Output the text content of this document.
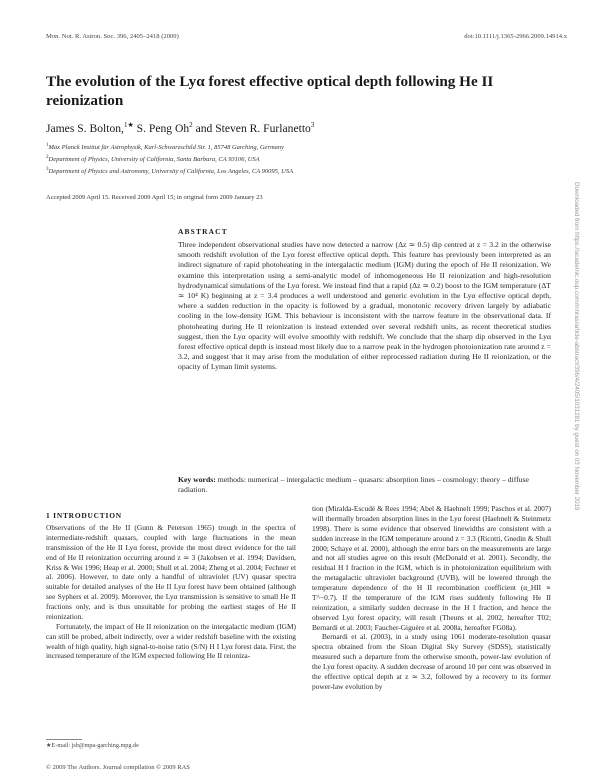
Mon. Not. R. Astron. Soc. 396, 2405–2418 (2009)	doi:10.1111/j.1365-2966.2009.14914.x
The evolution of the Lyα forest effective optical depth following He II reionization
James S. Bolton,$^{1★}$ S. Peng Oh$^2$ and Steven R. Furlanetto$^3$
$^1$Max Planck Institut für Astrophysik, Karl-Schwarzschild Str. 1, 85748 Garching, Germany
$^2$Department of Physics, University of California, Santa Barbara, CA 93106, USA
$^3$Department of Physics and Astronomy, University of California, Los Angeles, CA 90095, USA
Accepted 2009 April 15. Received 2009 April 15; in original form 2009 January 23
ABSTRACT
Three independent observational studies have now detected a narrow (Δz ≃ 0.5) dip centred at z = 3.2 in the otherwise smooth redshift evolution of the Lyα forest effective optical depth. This feature has previously been interpreted as an indirect signature of rapid photoheating in the intergalactic medium (IGM) during the epoch of He II reionization. We examine this interpretation using a semi-analytic model of inhomogeneous He II reionization and high-resolution hydrodynamical simulations of the Lyα forest. We instead find that a rapid (Δz ≃ 0.2) boost to the IGM temperature (ΔT ≃ 10⁴ K) beginning at z = 3.4 produces a well understood and generic evolution in the Lyα effective optical depth, where a sudden reduction in the opacity is followed by a gradual, monotonic recovery driven largely by adiabatic cooling in the low-density IGM. This behaviour is inconsistent with the narrow feature in the observational data. If photoheating during He II reionization is instead extended over several redshift units, as recent theoretical studies suggest, then the Lyα opacity will evolve smoothly with redshift. We conclude that the sharp dip observed in the Lyα forest effective optical depth is instead most likely due to a narrow peak in the hydrogen photoionization rate around z = 3.2, and suggest that it may arise from the modulation of either reprocessed radiation during He II reionization, or the opacity of Lyman limit systems.
Key words: methods: numerical – intergalactic medium – quasars: absorption lines – cosmology: theory – diffuse radiation.
1 INTRODUCTION

Observations of the He II (Gunn & Peterson 1965) trough in the spectra of intermediate-redshift quasars, coupled with large fluctuations in the mean transmission of the He II Lyα forest, provide the most direct evidence for the tail end of He II reionization occurring around z ≃ 3 (Jakobsen et al. 1994; Davidsen, Kriss & Wei 1996; Heap et al. 2000; Shull et al. 2004; Zheng et al. 2004; Fechner et al. 2006). However, to date only a handful of ultraviolet (UV) quasar spectra suitable for detailed analyses of the He II Lyα forest have been obtained (although see Syphers et al. 2009). Moreover, the Lyα transmission is sensitive to small He II fractions only, and is thus unsuitable for probing the earliest stages of He II reionization.

Fortunately, the impact of He II reionization on the intergalactic medium (IGM) can still be probed, albeit indirectly, over a wider redshift baseline with the existing wealth of high quality, high signal-to-noise ratio (S/N) H I Lyα forest data. First, the increased temperature of the IGM expected following He II reioniza-

tion (Miralda-Escudé & Rees 1994; Abel & Haehnelt 1999; Paschos et al. 2007) will thermally broaden absorption lines in the Lyα forest (Haehnelt & Steinmetz 1998). There is some evidence that observed linewidths are consistent with a sudden increase in the IGM temperature around z = 3.3 (Ricotti, Gnedin & Shull 2000; Schaye et al. 2000), although the error bars on the measurements are large and not all studies agree on this result (McDonald et al. 2001). Secondly, the residual H I fraction in the IGM, which is in photoionization equilibrium with the metagalactic ultraviolet background (UVB), will be lowered through the temperature dependence of the H II recombination coefficient (α_HII ∝ T^−0.7). If the temperature of the IGM rises suddenly following He II reionization, a similarly sudden decrease in the H I fraction, and hence the observed Lyα forest opacity, will result (Theuns et al. 2002, hereafter T02; Bernardi et al. 2003; Faucher-Giguère et al. 2008a, hereafter FG08a).

Bernardi et al. (2003), in a study using 1061 moderate-resolution quasar spectra obtained from the Sloan Digital Sky Survey (SDSS), statistically measured such a departure from the otherwise smooth, power-law evolution of the Lyα forest opacity. A sudden decrease of around 10 per cent was observed in the effective optical depth at z ≃ 3.2, followed by a recovery to its former power-law evolution by

★E-mail: jsb@mpa-garching.mpg.de
© 2009 The Authors. Journal compilation © 2009 RAS
Downloaded from https://academic.oup.com/mnras/article-abstract/396/4/2405/1031281 by guest on 03 November 2019
